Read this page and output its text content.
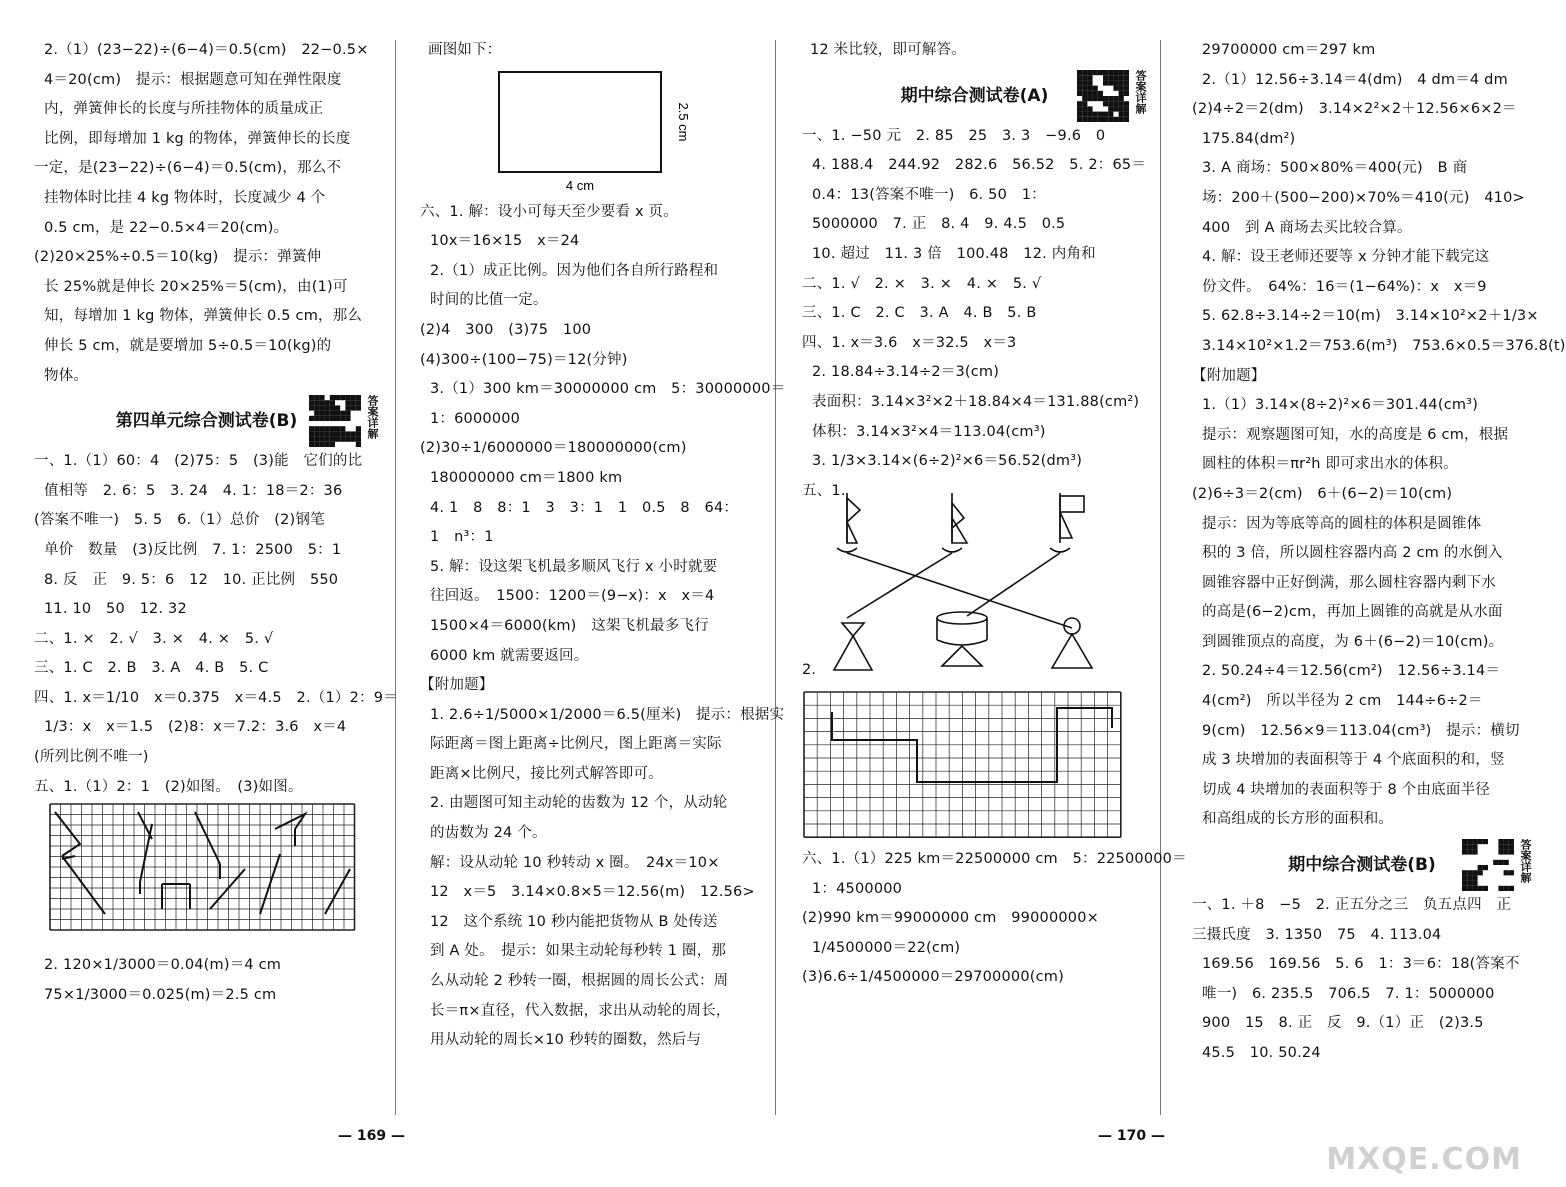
2.（1）(23−22)÷(6−4)＝0.5(cm)　22−0.5×
4＝20(cm)　提示：根据题意可知在弹性限度
内，弹簧伸长的长度与所挂物体的质量成正
比例，即每增加 1 kg 的物体，弹簧伸长的长度
一定，是(23−22)÷(6−4)＝0.5(cm)，那么不
挂物体时比挂 4 kg 物体时，长度减少 4 个
0.5 cm，是 22−0.5×4＝20(cm)。
(2)20×25%÷0.5＝10(kg)　提示：弹簧伸
长 25%就是伸长 20×25%＝5(cm)，由(1)可
知，每增加 1 kg 物体，弹簧伸长 0.5 cm，那么
伸长 5 cm，就是要增加 5÷0.5＝10(kg)的
物体。
第四单元综合测试卷(B)	答案详解
一、1.（1）60：4　(2)75：5　(3)能　它们的比
值相等　2. 6：5　3. 24　4. 1：18＝2：36
(答案不唯一)　5. 5　6.（1）总价　(2)钢笔
单价　数量　(3)反比例　7. 1：2500　5：1
8. 反　正　9. 5：6　12　10. 正比例　550
11. 10　50　12. 32
二、1. ×　2. √　3. ×　4. ×　5. √
三、1. C　2. B　3. A　4. B　5. C
四、1. x＝1/10　x＝0.375　x＝4.5　2.（1）2：9＝
1/3：x　x＝1.5　(2)8：x＝7.2：3.6　x＝4
(所列比例不唯一)
五、1.（1）2：1　(2)如图。　(3)如图。
2. 120×1/3000＝0.04(m)＝4 cm
75×1/3000＝0.025(m)＝2.5 cm
画图如下：
4 cm
2.5 cm
六、1. 解：设小可每天至少要看 x 页。
10x＝16×15　x＝24
2.（1）成正比例。因为他们各自所行路程和
时间的比值一定。
(2)4　300　(3)75　100
(4)300÷(100−75)＝12(分钟)
3.（1）300 km＝30000000 cm　5：30000000＝
1：6000000
(2)30÷1/6000000＝180000000(cm)
180000000 cm＝1800 km
4. 1　8　8：1　3　3：1　1　0.5　8　64：
1　n³：1
5. 解：设这架飞机最多顺风飞行 x 小时就要
往回返。　1500：1200＝(9−x)：x　x＝4
1500×4＝6000(km)　这架飞机最多飞行
6000 km 就需要返回。
【附加题】
1. 2.6÷1/5000×1/2000＝6.5(厘米)　提示：根据实
际距离＝图上距离÷比例尺，图上距离＝实际
距离×比例尺，接比列式解答即可。
2. 由题图可知主动轮的齿数为 12 个，从动轮
的齿数为 24 个。
解：设从动轮 10 秒转动 x 圈。　24x＝10×
12　x＝5　3.14×0.8×5＝12.56(m)　12.56>
12　这个系统 10 秒内能把货物从 B 处传送
到 A 处。　提示：如果主动轮每秒转 1 圈，那
么从动轮 2 秒转一圈，根据圆的周长公式：周
长＝π×直径，代入数据，求出从动轮的周长，
用从动轮的周长×10 秒转的圈数，然后与
12 米比较，即可解答。
期中综合测试卷(A)	答案详解
一、1. −50 元　2. 85　25　3. 3　−9.6　0
4. 188.4　244.92　282.6　56.52　5. 2：65＝
0.4：13(答案不唯一)　6. 50　1：
5000000　7. 正　8. 4　9. 4.5　0.5
10. 超过　11. 3 倍　100.48　12. 内角和
二、1. √　2. ×　3. ×　4. ×　5. √
三、1. C　2. C　3. A　4. B　5. B
四、1. x＝3.6　x＝32.5　x＝3
2. 18.84÷3.14÷2＝3(cm)
表面积：3.14×3²×2＋18.84×4＝131.88(cm²)
体积：3.14×3²×4＝113.04(cm³)
3. 1/3×3.14×(6÷2)²×6＝56.52(dm³)
五、1.
2.
六、1.（1）225 km＝22500000 cm　5：22500000＝
1：4500000
(2)990 km＝99000000 cm　99000000×
1/4500000＝22(cm)
(3)6.6÷1/4500000＝29700000(cm)
29700000 cm＝297 km
2.（1）12.56÷3.14＝4(dm)　4 dm＝4 dm
(2)4÷2＝2(dm)　3.14×2²×2＋12.56×6×2＝
175.84(dm²)
3. A 商场：500×80%＝400(元)　B 商
场：200＋(500−200)×70%＝410(元)　410>
400　到 A 商场去买比较合算。
4. 解：设王老师还要等 x 分钟才能下载完这
份文件。　64%：16＝(1−64%)：x　x＝9
5. 62.8÷3.14÷2＝10(m)　3.14×10²×2＋1/3×
3.14×10²×1.2＝753.6(m³)　753.6×0.5＝376.8(t)
【附加题】
1.（1）3.14×(8÷2)²×6＝301.44(cm³)
提示：观察题图可知，水的高度是 6 cm，根据
圆柱的体积＝πr²h 即可求出水的体积。
(2)6÷3＝2(cm)　6＋(6−2)＝10(cm)
提示：因为等底等高的圆柱的体积是圆锥体
积的 3 倍，所以圆柱容器内高 2 cm 的水倒入
圆锥容器中正好倒满，那么圆柱容器内剩下水
的高是(6−2)cm，再加上圆锥的高就是从水面
到圆锥顶点的高度，为 6＋(6−2)＝10(cm)。
2. 50.24÷4＝12.56(cm²)　12.56÷3.14＝
4(cm²)　所以半径为 2 cm　144÷6÷2＝
9(cm)　12.56×9＝113.04(cm³)　提示：横切
成 3 块增加的表面积等于 4 个底面积的和，竖
切成 4 块增加的表面积等于 8 个由底面半径
和高组成的长方形的面积和。
期中综合测试卷(B)	答案详解
一、1. ＋8　−5　2. 正五分之三　负五点四　正
三摄氏度　3. 1350　75　4. 113.04
169.56　169.56　5. 6　1：3＝6：18(答案不
唯一)　6. 235.5　706.5　7. 1：5000000
900　15　8. 正　反　9.（1）正　(2)3.5
45.5　10. 50.24
— 169 —	— 170 —
MXQE.COM
